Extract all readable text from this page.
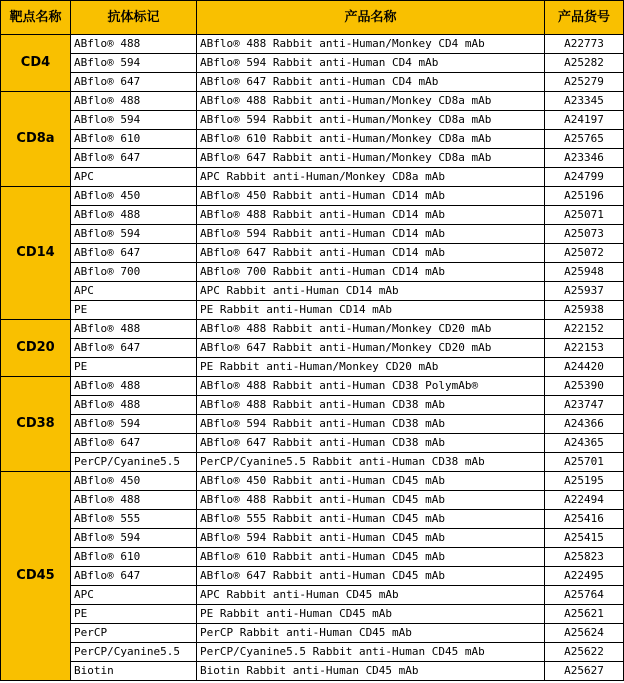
靶点名称	抗体标记	产品名称	产品货号
CD4	ABflo® 488	ABflo® 488 Rabbit anti-Human/Monkey CD4 mAb	A22773
	ABflo® 594	ABflo® 594 Rabbit anti-Human CD4 mAb	A25282
	ABflo® 647	ABflo® 647 Rabbit anti-Human CD4 mAb	A25279
CD8a	ABflo® 488	ABflo® 488 Rabbit anti-Human/Monkey CD8a mAb	A23345
	ABflo® 594	ABflo® 594 Rabbit anti-Human/Monkey CD8a mAb	A24197
	ABflo® 610	ABflo® 610 Rabbit anti-Human/Monkey CD8a mAb	A25765
	ABflo® 647	ABflo® 647 Rabbit anti-Human/Monkey CD8a mAb	A23346
	APC	APC Rabbit anti-Human/Monkey CD8a mAb	A24799
CD14	ABflo® 450	ABflo® 450 Rabbit anti-Human CD14 mAb	A25196
	ABflo® 488	ABflo® 488 Rabbit anti-Human CD14 mAb	A25071
	ABflo® 594	ABflo® 594 Rabbit anti-Human CD14 mAb	A25073
	ABflo® 647	ABflo® 647 Rabbit anti-Human CD14 mAb	A25072
	ABflo® 700	ABflo® 700 Rabbit anti-Human CD14 mAb	A25948
	APC	APC Rabbit anti-Human CD14 mAb	A25937
	PE	PE Rabbit anti-Human CD14 mAb	A25938
CD20	ABflo® 488	ABflo® 488 Rabbit anti-Human/Monkey CD20 mAb	A22152
	ABflo® 647	ABflo® 647 Rabbit anti-Human/Monkey CD20 mAb	A22153
	PE	PE Rabbit anti-Human/Monkey CD20 mAb	A24420
CD38	ABflo® 488	ABflo® 488 Rabbit anti-Human CD38 PolymAb®	A25390
	ABflo® 488	ABflo® 488 Rabbit anti-Human CD38 mAb	A23747
	ABflo® 594	ABflo® 594 Rabbit anti-Human CD38 mAb	A24366
	ABflo® 647	ABflo® 647 Rabbit anti-Human CD38 mAb	A24365
	PerCP/Cyanine5.5	PerCP/Cyanine5.5 Rabbit anti-Human CD38 mAb	A25701
CD45	ABflo® 450	ABflo® 450 Rabbit anti-Human CD45 mAb	A25195
	ABflo® 488	ABflo® 488 Rabbit anti-Human CD45 mAb	A22494
	ABflo® 555	ABflo® 555 Rabbit anti-Human CD45 mAb	A25416
	ABflo® 594	ABflo® 594 Rabbit anti-Human CD45 mAb	A25415
	ABflo® 610	ABflo® 610 Rabbit anti-Human CD45 mAb	A25823
	ABflo® 647	ABflo® 647 Rabbit anti-Human CD45 mAb	A22495
	APC	APC Rabbit anti-Human CD45 mAb	A25764
	PE	PE Rabbit anti-Human CD45 mAb	A25621
	PerCP	PerCP Rabbit anti-Human CD45 mAb	A25624
	PerCP/Cyanine5.5	PerCP/Cyanine5.5 Rabbit anti-Human CD45 mAb	A25622
	Biotin	Biotin Rabbit anti-Human CD45 mAb	A25627
